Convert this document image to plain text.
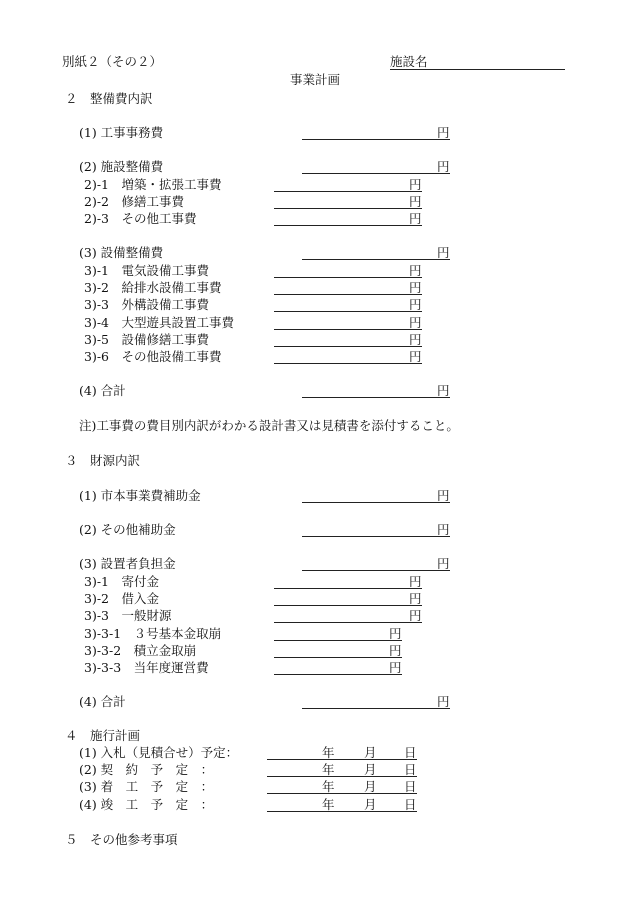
別紙２（その２）	施設名
事業計画
２　整備費内訳
(1) 工事事務費	円
(2) 施設整備費	円
2)-1　増築・拡張工事費	円
2)-2　修繕工事費	円
2)-3　その他工事費	円
(3) 設備整備費	円
3)-1　電気設備工事費	円
3)-2　給排水設備工事費	円
3)-3　外構設備工事費	円
3)-4　大型遊具設置工事費	円
3)-5　設備修繕工事費	円
3)-6　その他設備工事費	円
(4) 合計	円
注)工事費の費目別内訳がわかる設計書又は見積書を添付すること。
３　財源内訳
(1) 市本事業費補助金	円
(2) その他補助金	円
(3) 設置者負担金	円
3)-1　寄付金	円
3)-2　借入金	円
3)-3　一般財源	円
3)-3-1　３号基本金取崩	円
3)-3-2　積立金取崩	円
3)-3-3　当年度運営費	円
(4) 合計	円
４　施行計画
(1) 入札（見積合せ）予定：	年 月 日
(2) 契　約　予　定　：	年 月 日
(3) 着　工　予　定　：	年 月 日
(4) 竣　工　予　定　：	年 月 日
５　その他参考事項
